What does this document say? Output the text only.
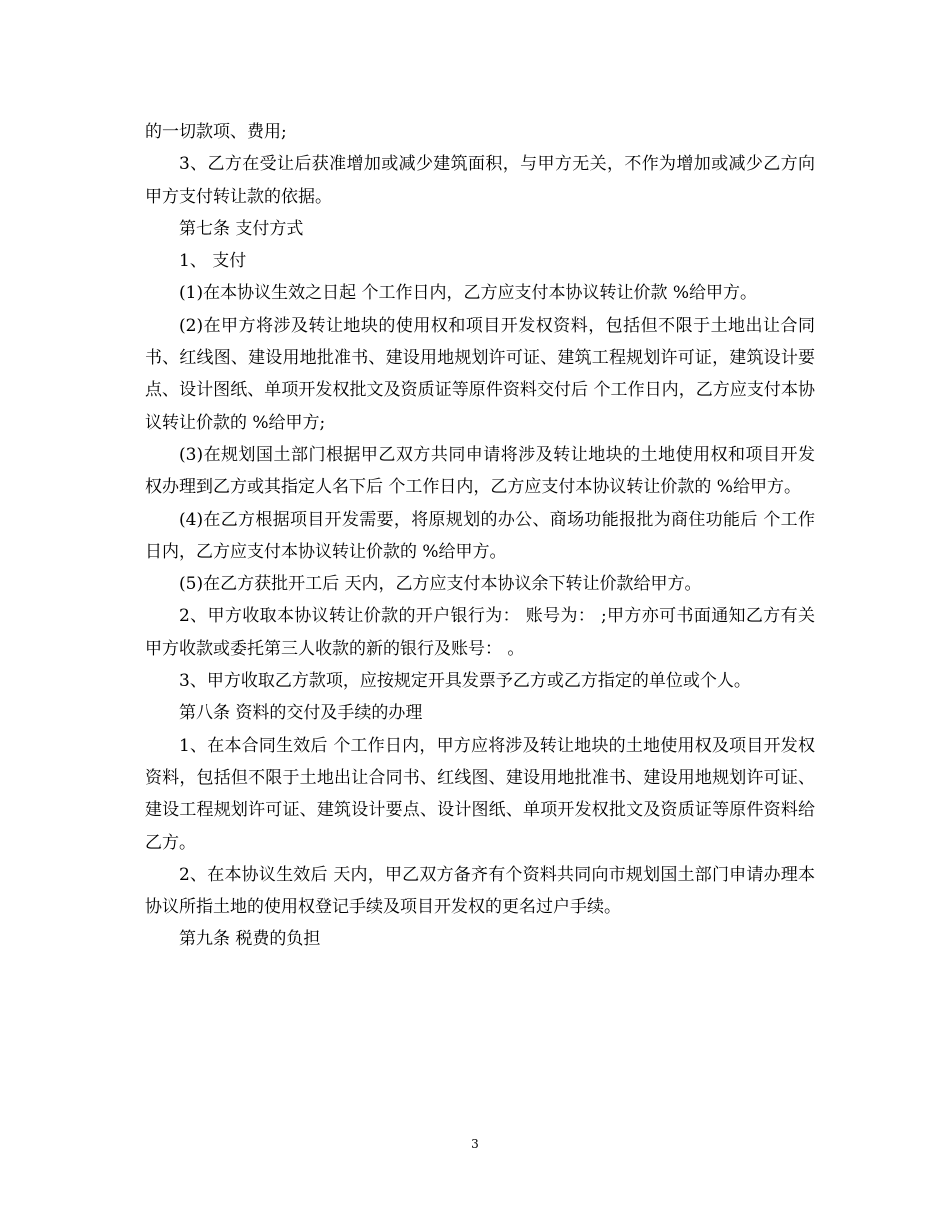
的一切款项、费用;

3、乙方在受让后获准增加或减少建筑面积，与甲方无关，不作为增加或减少乙方向甲方支付转让款的依据。

第七条 支付方式

1、 支付

(1)在本协议生效之日起 个工作日内，乙方应支付本协议转让价款 %给甲方。

(2)在甲方将涉及转让地块的使用权和项目开发权资料，包括但不限于土地出让合同书、红线图、建设用地批准书、建设用地规划许可证、建筑工程规划许可证，建筑设计要点、设计图纸、单项开发权批文及资质证等原件资料交付后 个工作日内，乙方应支付本协议转让价款的 %给甲方;

(3)在规划国土部门根据甲乙双方共同申请将涉及转让地块的土地使用权和项目开发权办理到乙方或其指定人名下后 个工作日内，乙方应支付本协议转让价款的 %给甲方。

(4)在乙方根据项目开发需要，将原规划的办公、商场功能报批为商住功能后 个工作日内，乙方应支付本协议转让价款的 %给甲方。

(5)在乙方获批开工后 天内，乙方应支付本协议余下转让价款给甲方。

2、甲方收取本协议转让价款的开户银行为： 账号为： ;甲方亦可书面通知乙方有关甲方收款或委托第三人收款的新的银行及账号： 。

3、甲方收取乙方款项，应按规定开具发票予乙方或乙方指定的单位或个人。

第八条 资料的交付及手续的办理

1、在本合同生效后 个工作日内，甲方应将涉及转让地块的土地使用权及项目开发权资料，包括但不限于土地出让合同书、红线图、建设用地批准书、建设用地规划许可证、建设工程规划许可证、建筑设计要点、设计图纸、单项开发权批文及资质证等原件资料给乙方。

2、在本协议生效后 天内，甲乙双方备齐有个资料共同向市规划国土部门申请办理本协议所指土地的使用权登记手续及项目开发权的更名过户手续。

第九条 税费的负担

3
